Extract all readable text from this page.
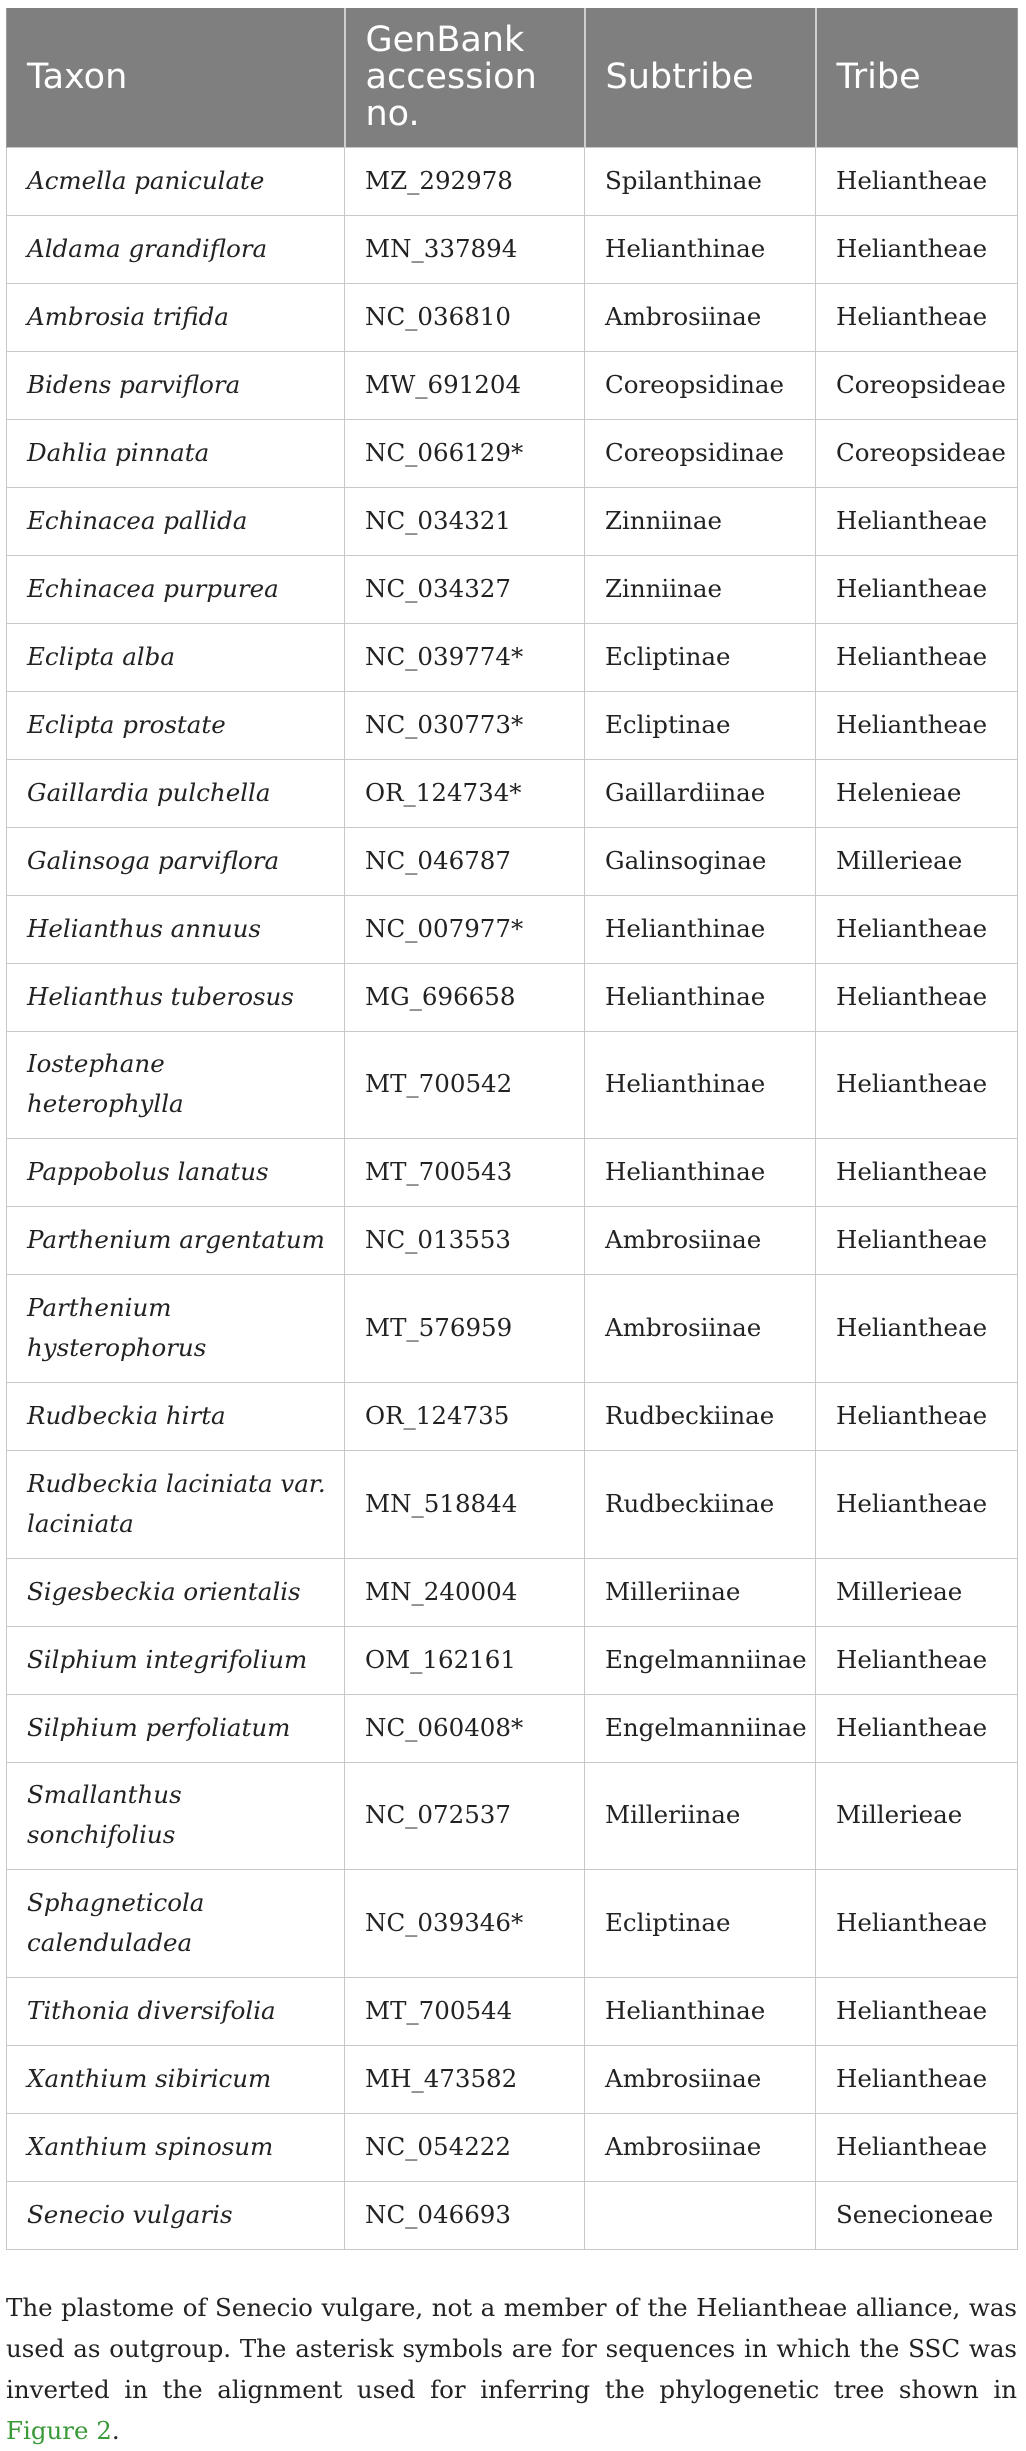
Taxon	GenBank accession no.	Subtribe	Tribe
Acmella paniculate	MZ_292978	Spilanthinae	Heliantheae
Aldama grandiflora	MN_337894	Helianthinae	Heliantheae
Ambrosia trifida	NC_036810	Ambrosiinae	Heliantheae
Bidens parviflora	MW_691204	Coreopsidinae	Coreopsideae
Dahlia pinnata	NC_066129*	Coreopsidinae	Coreopsideae
Echinacea pallida	NC_034321	Zinniinae	Heliantheae
Echinacea purpurea	NC_034327	Zinniinae	Heliantheae
Eclipta alba	NC_039774*	Ecliptinae	Heliantheae
Eclipta prostate	NC_030773*	Ecliptinae	Heliantheae
Gaillardia pulchella	OR_124734*	Gaillardiinae	Helenieae
Galinsoga parviflora	NC_046787	Galinsoginae	Millerieae
Helianthus annuus	NC_007977*	Helianthinae	Heliantheae
Helianthus tuberosus	MG_696658	Helianthinae	Heliantheae
Iostephane heterophylla	MT_700542	Helianthinae	Heliantheae
Pappobolus lanatus	MT_700543	Helianthinae	Heliantheae
Parthenium argentatum	NC_013553	Ambrosiinae	Heliantheae
Parthenium hysterophorus	MT_576959	Ambrosiinae	Heliantheae
Rudbeckia hirta	OR_124735	Rudbeckiinae	Heliantheae
Rudbeckia laciniata var. laciniata	MN_518844	Rudbeckiinae	Heliantheae
Sigesbeckia orientalis	MN_240004	Milleriinae	Millerieae
Silphium integrifolium	OM_162161	Engelmanniinae	Heliantheae
Silphium perfoliatum	NC_060408*	Engelmanniinae	Heliantheae
Smallanthus sonchifolius	NC_072537	Milleriinae	Millerieae
Sphagneticola calenduladea	NC_039346*	Ecliptinae	Heliantheae
Tithonia diversifolia	MT_700544	Helianthinae	Heliantheae
Xanthium sibiricum	MH_473582	Ambrosiinae	Heliantheae
Xanthium spinosum	NC_054222	Ambrosiinae	Heliantheae
Senecio vulgaris	NC_046693		Senecioneae

The plastome of Senecio vulgare, not a member of the Heliantheae alliance, was used as outgroup. The asterisk symbols are for sequences in which the SSC was inverted in the alignment used for inferring the phylogenetic tree shown in Figure 2.
